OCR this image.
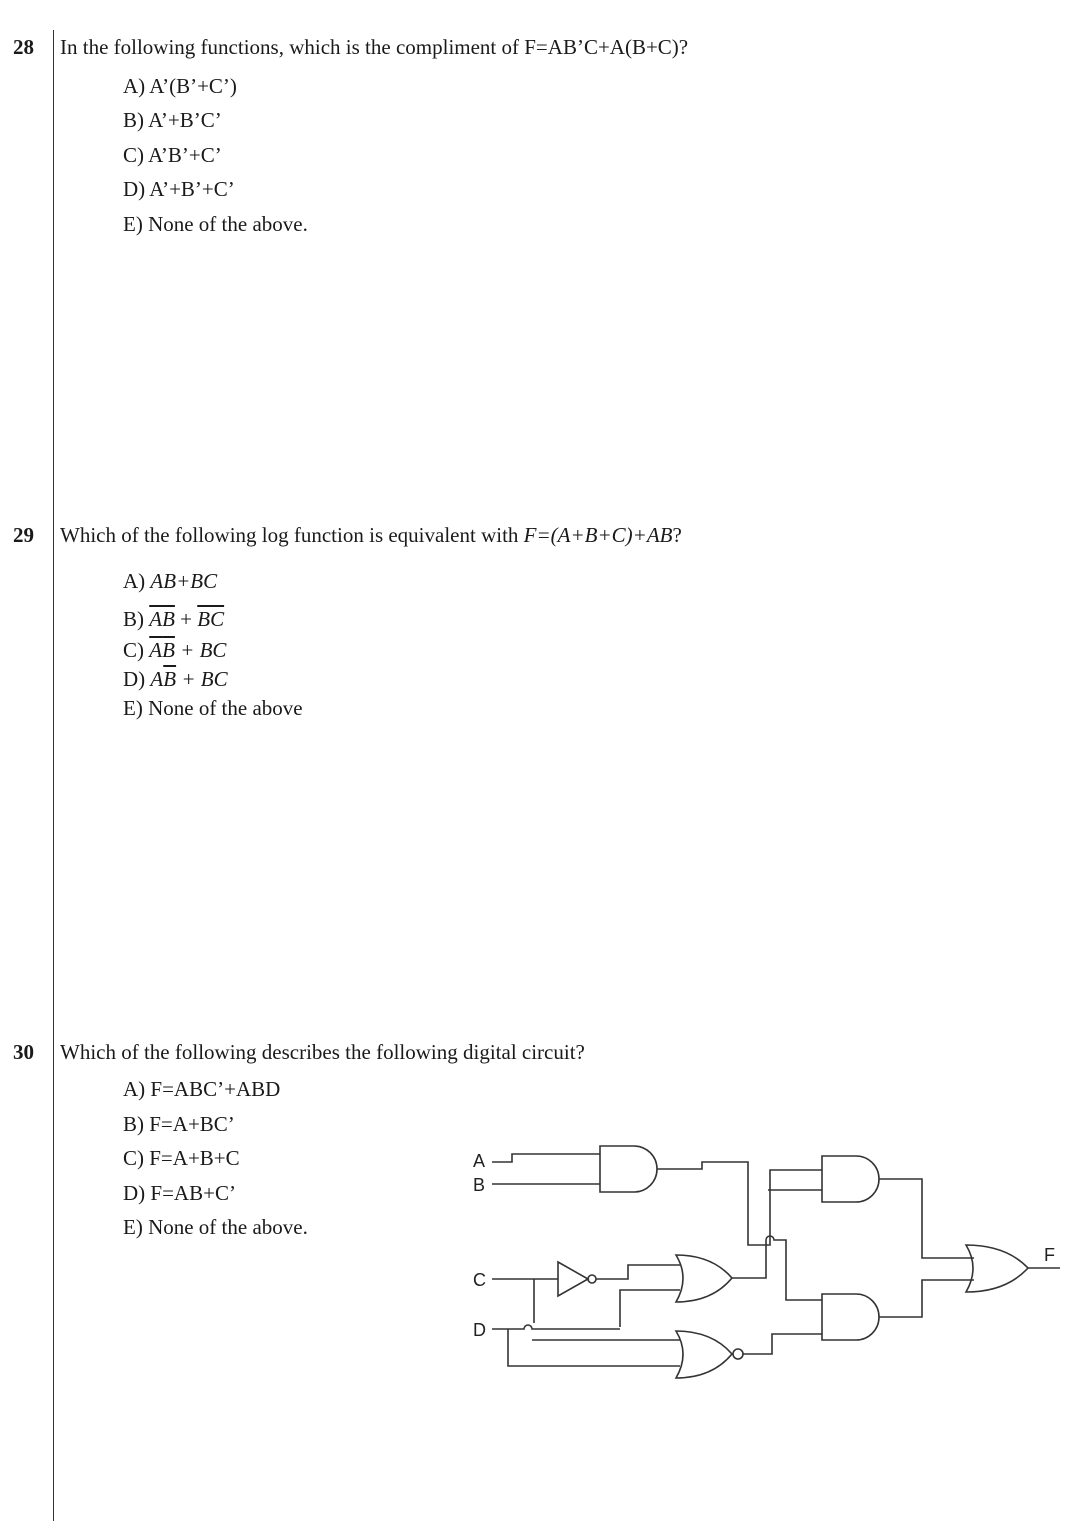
28 In the following functions, which is the compliment of F=AB’C+A(B+C)?
A) A’(B’+C’)
B) A’+B’C’
C) A’B’+C’
D) A’+B’+C’
E) None of the above.
29 Which of the following log function is equivalent with F=(A+B+C)+AB?
A) AB+BC
B) $\overline{AB} + \overline{BC}$
C) $\overline{A}\overline{B}$ + BC
D) $A\overline{B}$ + BC
E) None of the above
30 Which of the following describes the following digital circuit?
A) F=ABC’+ABD
B) F=A+BC’
C) F=A+B+C
D) F=AB+C’
E) None of the above.
A
B
C
D
F
